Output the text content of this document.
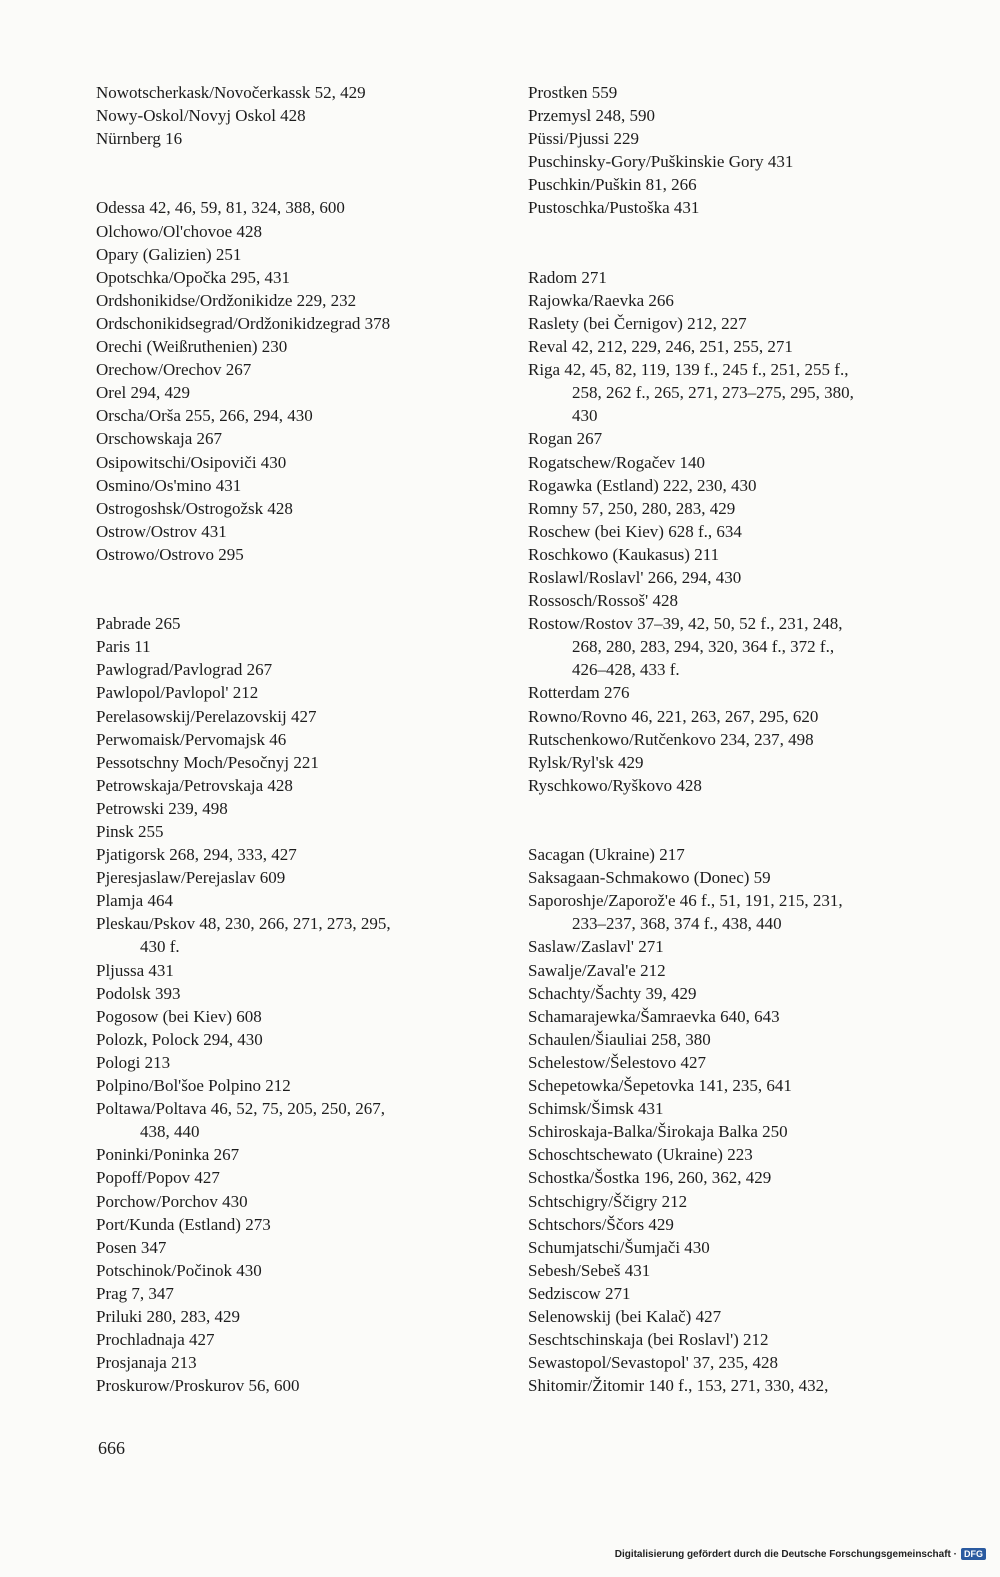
Nowotscherkask/Novočerkassk 52, 429
Nowy-Oskol/Novyj Oskol 428
Nürnberg 16
Odessa 42, 46, 59, 81, 324, 388, 600
Olchowo/Ol'chovoe 428
Opary (Galizien) 251
Opotschka/Opočka 295, 431
Ordshonikidse/Ordžonikidze 229, 232
Ordschonikidsegrad/Ordžonikidzegrad 378
Orechi (Weißruthenien) 230
Orechow/Orechov 267
Orel 294, 429
Orscha/Orša 255, 266, 294, 430
Orschowskaja 267
Osipowitschi/Osipoviči 430
Osmino/Os'mino 431
Ostrogoshsk/Ostrogožsk 428
Ostrow/Ostrov 431
Ostrowo/Ostrovo 295
Pabrade 265
Paris 11
Pawlograd/Pavlograd 267
Pawlopol/Pavlopol' 212
Perelasowskij/Perelazovskij 427
Perwomaisk/Pervomajsk 46
Pessotschny Moch/Pesočnyj 221
Petrowskaja/Petrovskaja 428
Petrowski 239, 498
Pinsk 255
Pjatigorsk 268, 294, 333, 427
Pjeresjaslaw/Perejaslav 609
Plamja 464
Pleskau/Pskov 48, 230, 266, 271, 273, 295,
430 f.
Pljussa 431
Podolsk 393
Pogosow (bei Kiev) 608
Polozk, Polock 294, 430
Pologi 213
Polpino/Bol'šoe Polpino 212
Poltawa/Poltava 46, 52, 75, 205, 250, 267,
438, 440
Poninki/Poninka 267
Popoff/Popov 427
Porchow/Porchov 430
Port/Kunda (Estland) 273
Posen 347
Potschinok/Počinok 430
Prag 7, 347
Priluki 280, 283, 429
Prochladnaja 427
Prosjanaja 213
Proskurow/Proskurov 56, 600
Prostken 559
Przemysl 248, 590
Püssi/Pjussi 229
Puschinsky-Gory/Puškinskie Gory 431
Puschkin/Puškin 81, 266
Pustoschka/Pustoška 431
Radom 271
Rajowka/Raevka 266
Raslety (bei Černigov) 212, 227
Reval 42, 212, 229, 246, 251, 255, 271
Riga 42, 45, 82, 119, 139 f., 245 f., 251, 255 f.,
258, 262 f., 265, 271, 273–275, 295, 380,
430
Rogan 267
Rogatschew/Rogačev 140
Rogawka (Estland) 222, 230, 430
Romny 57, 250, 280, 283, 429
Roschew (bei Kiev) 628 f., 634
Roschkowo (Kaukasus) 211
Roslawl/Roslavl' 266, 294, 430
Rossosch/Rossoš' 428
Rostow/Rostov 37–39, 42, 50, 52 f., 231, 248,
268, 280, 283, 294, 320, 364 f., 372 f.,
426–428, 433 f.
Rotterdam 276
Rowno/Rovno 46, 221, 263, 267, 295, 620
Rutschenkowo/Rutčenkovo 234, 237, 498
Rylsk/Ryl'sk 429
Ryschkowo/Ryškovo 428
Sacagan (Ukraine) 217
Saksagaan-Schmakowo (Donec) 59
Saporoshje/Zaporož'e 46 f., 51, 191, 215, 231,
233–237, 368, 374 f., 438, 440
Saslaw/Zaslavl' 271
Sawalje/Zaval'e 212
Schachty/Šachty 39, 429
Schamarajewka/Šamraevka 640, 643
Schaulen/Šiauliai 258, 380
Schelestow/Šelestovo 427
Schepetowka/Šepetovka 141, 235, 641
Schimsk/Šimsk 431
Schiroskaja-Balka/Širokaja Balka 250
Schoschtschewato (Ukraine) 223
Schostka/Šostka 196, 260, 362, 429
Schtschigry/Ščigry 212
Schtschors/Ščors 429
Schumjatschi/Šumjači 430
Sebesh/Sebeš 431
Sedziscow 271
Selenowskij (bei Kalač) 427
Seschtschinskaja (bei Roslavl') 212
Sewastopol/Sevastopol' 37, 235, 428
Shitomir/Žitomir 140 f., 153, 271, 330, 432,
666
Digitalisierung gefördert durch die Deutsche Forschungsgemeinschaft · DFG
